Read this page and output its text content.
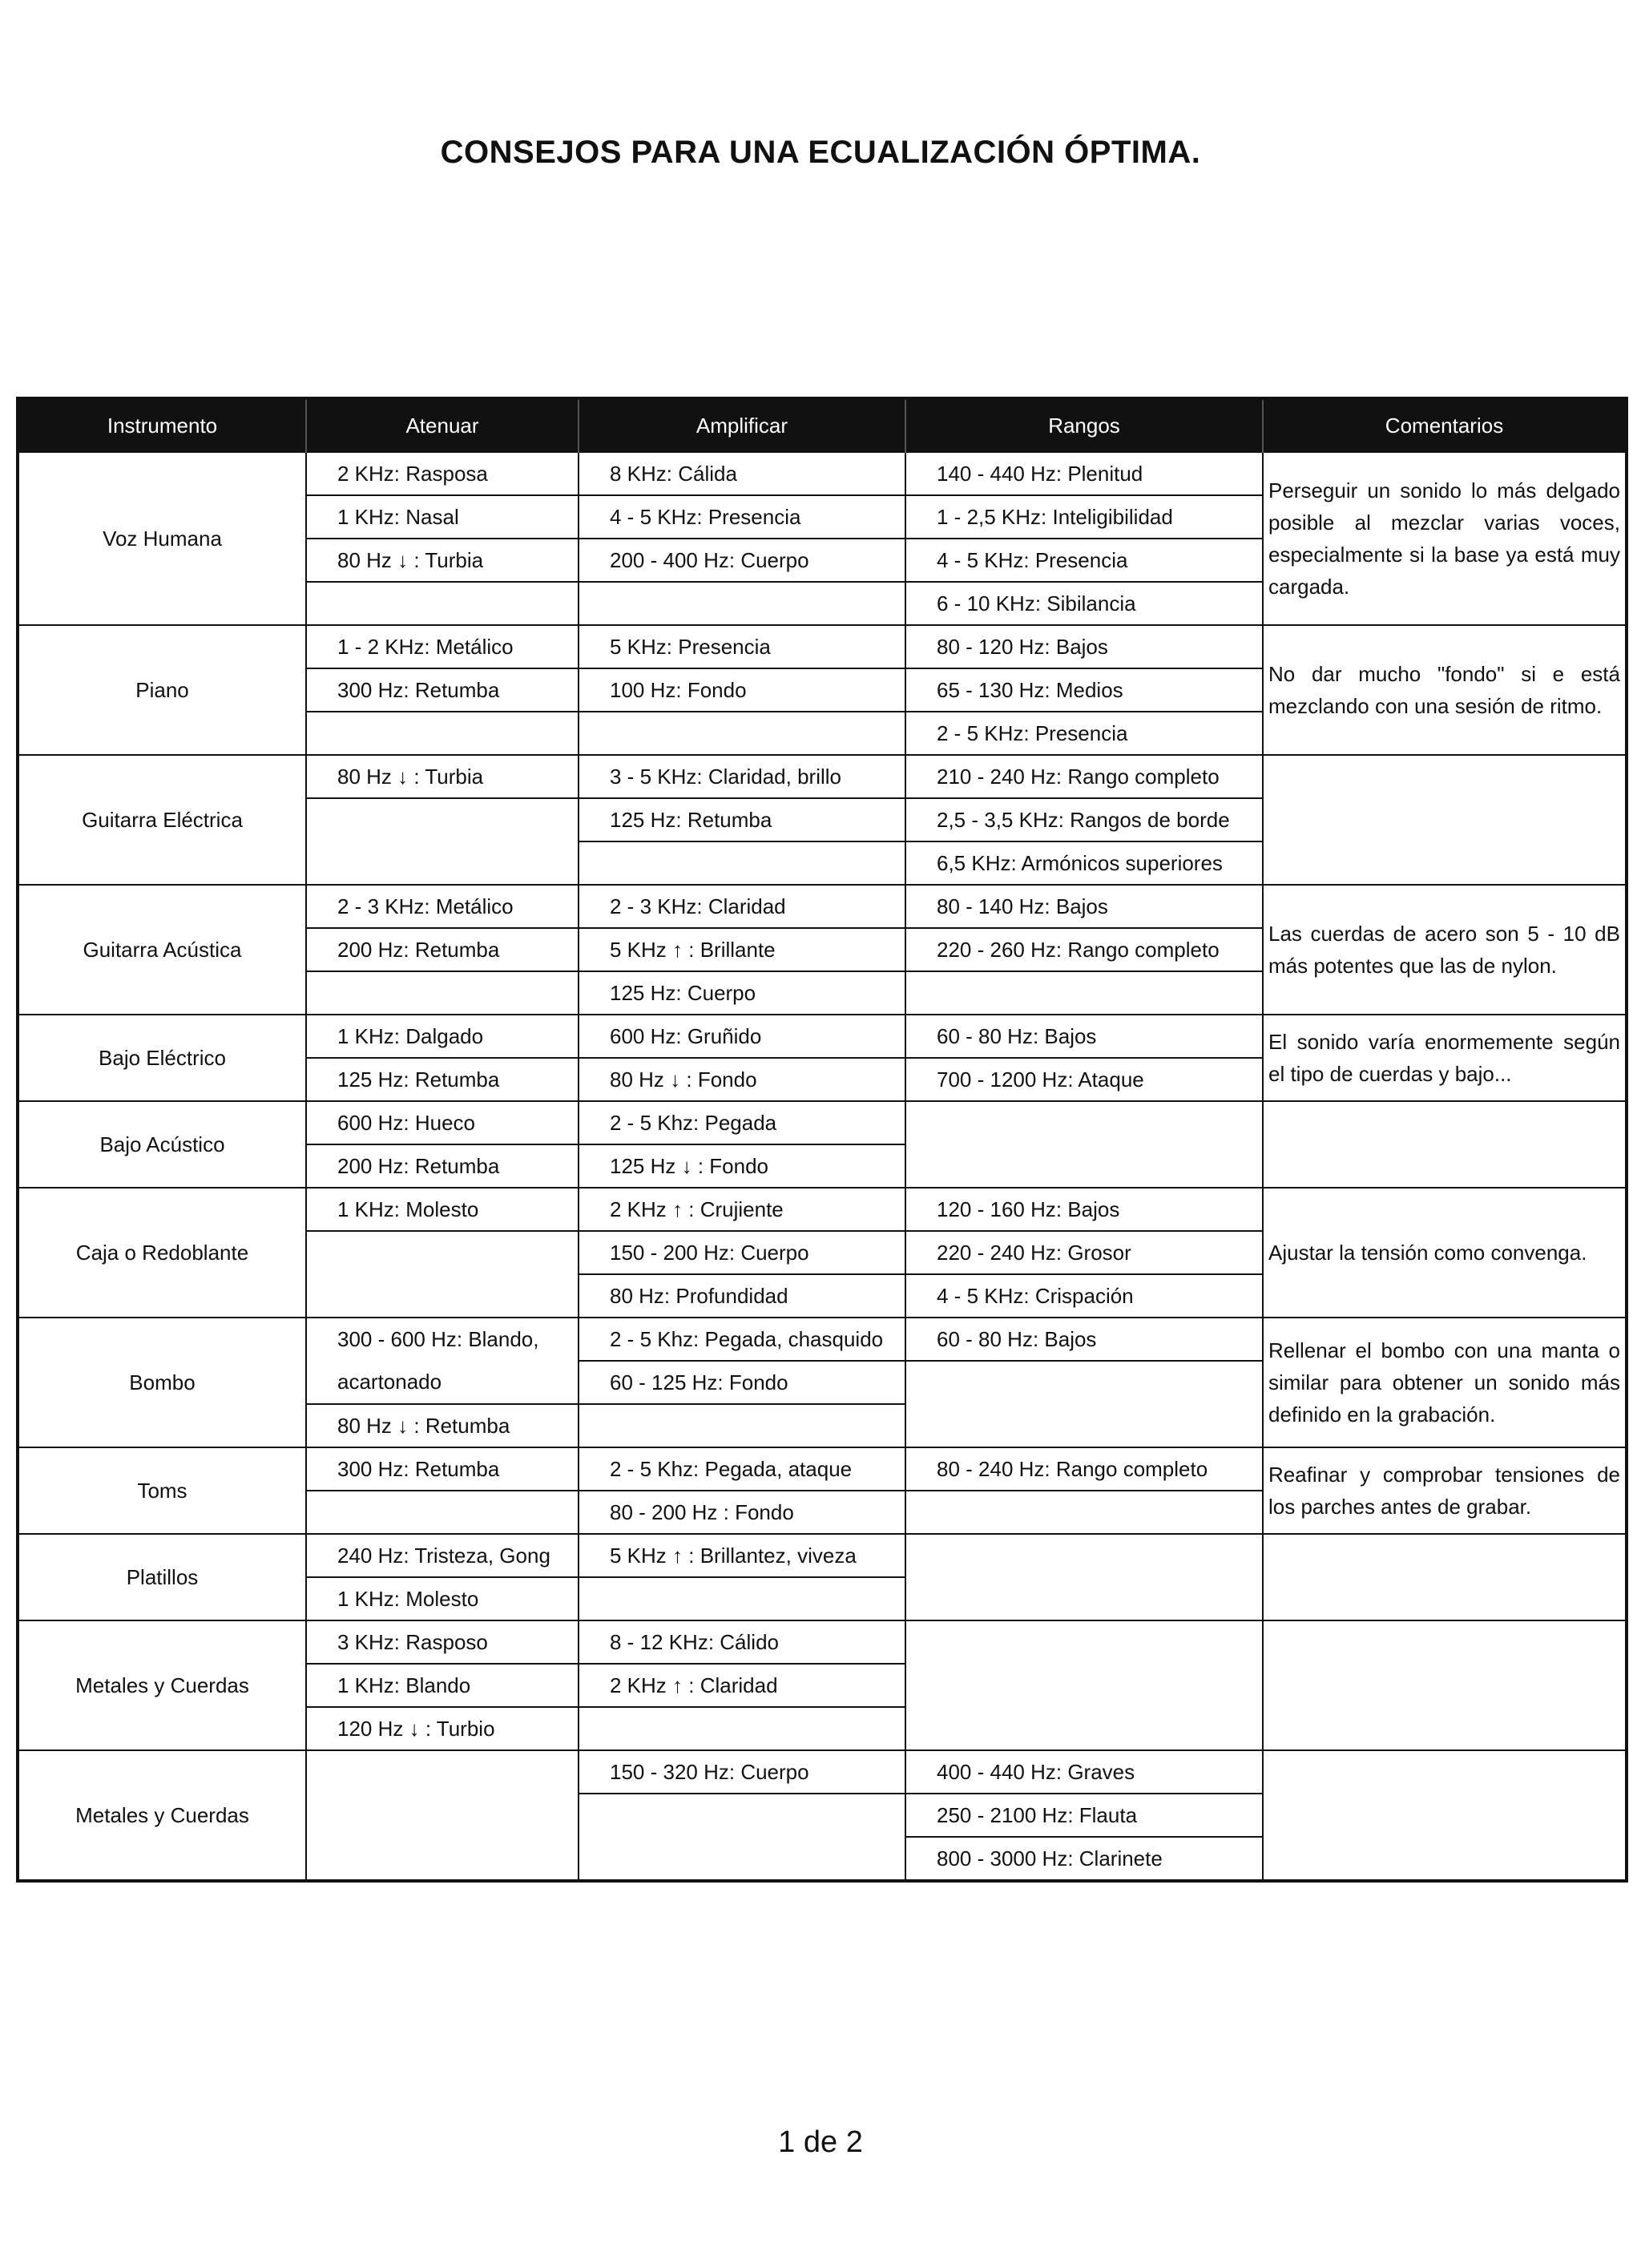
CONSEJOS PARA UNA ECUALIZACIÓN ÓPTIMA.
Instrumento	Atenuar	Amplificar	Rangos	Comentarios
Voz Humana	2 KHz: Rasposa	8 KHz: Cálida	140 - 440 Hz: Plenitud	Perseguir un sonido lo más delgado posible al mezclar varias voces, especialmente si la base ya está muy cargada.
	1 KHz: Nasal	4 - 5 KHz: Presencia	1 - 2,5 KHz: Inteligibilidad	
	80 Hz ↓ : Turbia	200 - 400 Hz: Cuerpo	4 - 5 KHz: Presencia	
			6 - 10 KHz: Sibilancia	
Piano	1 - 2 KHz: Metálico	5 KHz: Presencia	80 - 120 Hz: Bajos	No dar mucho "fondo" si e está mezclando con una sesión de ritmo.
	300 Hz: Retumba	100 Hz: Fondo	65 - 130 Hz: Medios	
			2 - 5 KHz: Presencia	
Guitarra Eléctrica	80 Hz ↓ : Turbia	3 - 5 KHz: Claridad, brillo	210 - 240 Hz: Rango completo	
		125 Hz: Retumba	2,5 - 3,5 KHz: Rangos de borde	
			6,5 KHz: Armónicos superiores	
Guitarra Acústica	2 - 3 KHz: Metálico	2 - 3 KHz: Claridad	80 - 140 Hz: Bajos	Las cuerdas de acero son 5 - 10 dB más potentes que las de nylon.
	200 Hz: Retumba	5 KHz ↑ : Brillante	220 - 260 Hz: Rango completo	
		125 Hz: Cuerpo		
Bajo Eléctrico	1 KHz: Dalgado	600 Hz: Gruñido	60 - 80 Hz: Bajos	El sonido varía enormemente según el tipo de cuerdas y bajo...
	125 Hz: Retumba	80 Hz ↓ : Fondo	700 - 1200 Hz: Ataque	
Bajo Acústico	600 Hz: Hueco	2 - 5 Khz: Pegada		
	200 Hz: Retumba	125 Hz ↓ : Fondo		
Caja o Redoblante	1 KHz: Molesto	2 KHz ↑ : Crujiente	120 - 160 Hz: Bajos	Ajustar la tensión como convenga.
		150 - 200 Hz: Cuerpo	220 - 240 Hz: Grosor	
		80 Hz: Profundidad	4 - 5 KHz: Crispación	
Bombo	300 - 600 Hz: Blando,	2 - 5 Khz: Pegada, chasquido	60 - 80 Hz: Bajos	Rellenar el bombo con una manta o similar para obtener un sonido más definido en la grabación.
	acartonado	60 - 125 Hz: Fondo		
	80 Hz ↓ : Retumba			
Toms	300 Hz: Retumba	2 - 5 Khz: Pegada, ataque	80 - 240 Hz: Rango completo	Reafinar y comprobar tensiones de los parches antes de grabar.
		80 - 200 Hz : Fondo		
Platillos	240 Hz: Tristeza, Gong	5 KHz ↑ : Brillantez, viveza		
	1 KHz: Molesto			
Metales y Cuerdas	3 KHz: Rasposo	8 - 12 KHz: Cálido		
	1 KHz: Blando	2 KHz ↑ : Claridad		
	120 Hz ↓ : Turbio			
Metales y Cuerdas		150 - 320 Hz: Cuerpo	400 - 440 Hz: Graves	
			250 - 2100 Hz: Flauta	
			800 - 3000 Hz: Clarinete	
1 de 2
